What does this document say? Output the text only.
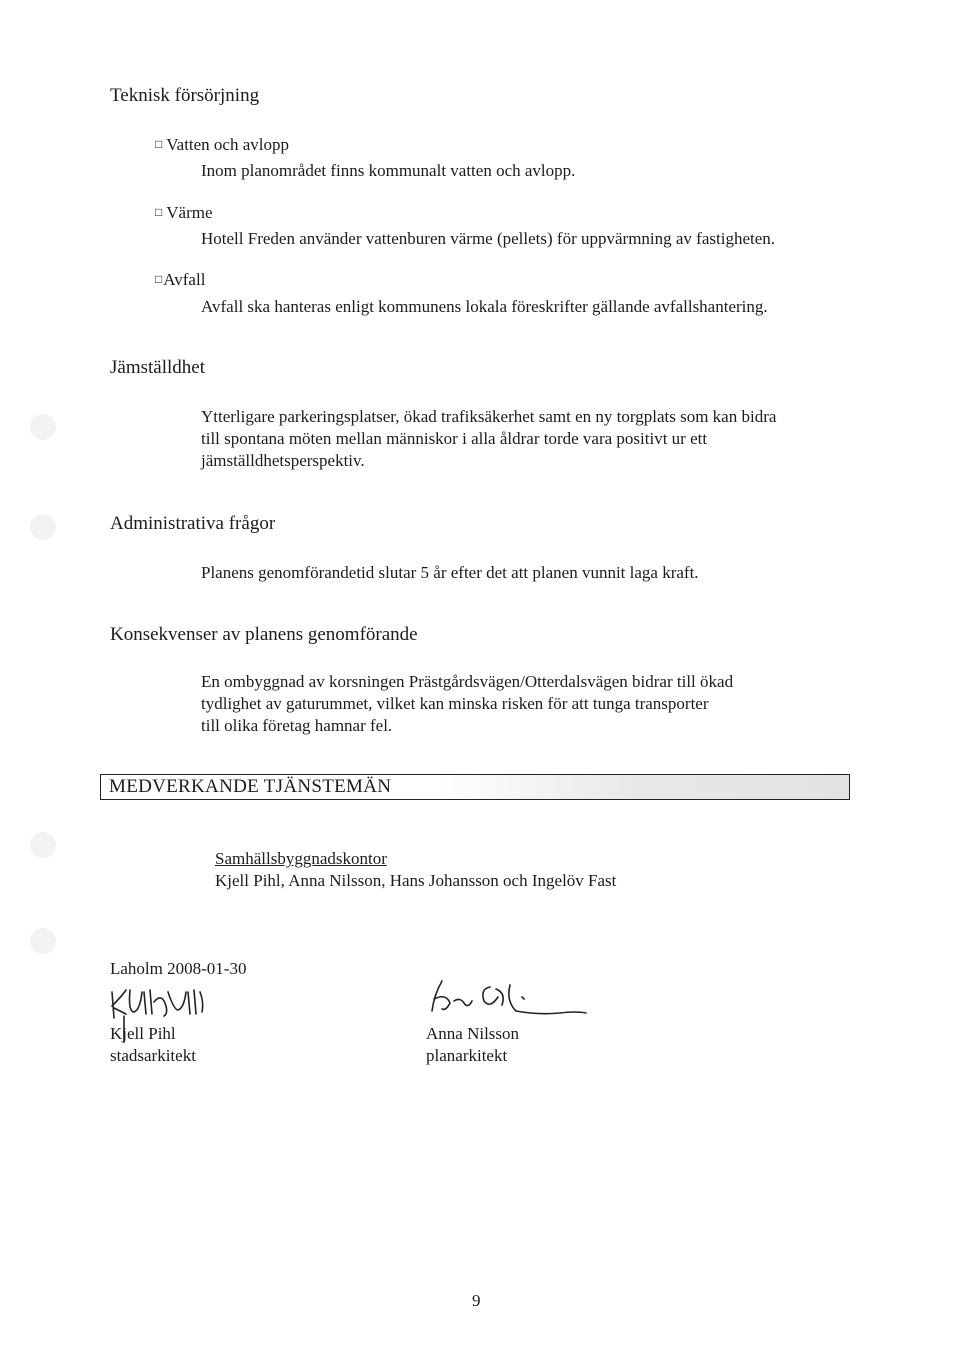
Teknisk försörjning
□ Vatten och avlopp
Inom planområdet finns kommunalt vatten och avlopp.
□ Värme
Hotell Freden använder vattenburen värme (pellets) för uppvärmning av fastigheten.
□Avfall
Avfall ska hanteras enligt kommunens lokala föreskrifter gällande avfallshantering.
Jämställdhet
Ytterligare parkeringsplatser, ökad trafiksäkerhet samt en ny torgplats som kan bidra
till spontana möten mellan människor i alla åldrar torde vara positivt ur ett
jämställdhetsperspektiv.
Administrativa frågor
Planens genomförandetid slutar 5 år efter det att planen vunnit laga kraft.
Konsekvenser av planens genomförande
En ombyggnad av korsningen Prästgårdsvägen/Otterdalsvägen bidrar till ökad
tydlighet av gaturummet, vilket kan minska risken för att tunga transporter
till olika företag hamnar fel.
MEDVERKANDE TJÄNSTEMÄN
Samhällsbyggnadskontor
Kjell Pihl, Anna Nilsson, Hans Johansson och Ingelöv Fast
Laholm 2008-01-30
Kjell Pihl
stadsarkitekt
Anna Nilsson
planarkitekt
9
